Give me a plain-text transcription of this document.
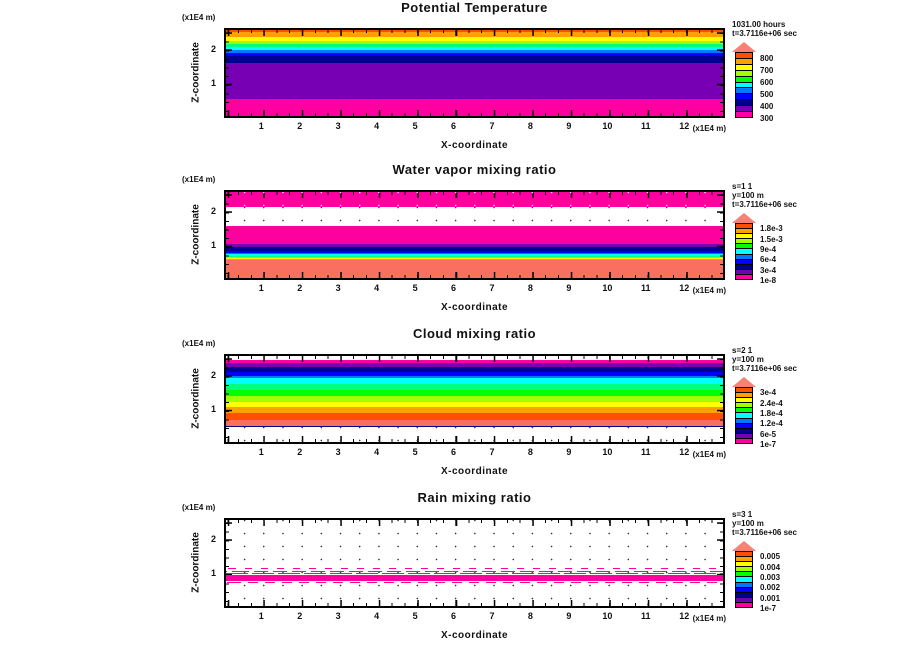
Potential Temperature
(x1E4 m)
Z-coordinate
(x1E4 m)
X-coordinate
1031.00 hours
t=3.7116e+06 sec
800
700
600
500
400
300
2
1
1	2	3	4	5	6	7	8	9	10	11	12
Water vapor mixing ratio
(x1E4 m)
Z-coordinate
(x1E4 m)
X-coordinate
s=1 1
y=100 m
t=3.7116e+06 sec
1.8e-3
1.5e-3
9e-4
6e-4
3e-4
1e-8
2
1
1	2	3	4	5	6	7	8	9	10	11	12
Cloud mixing ratio
(x1E4 m)
Z-coordinate
(x1E4 m)
X-coordinate
s=2 1
y=100 m
t=3.7116e+06 sec
3e-4
2.4e-4
1.8e-4
1.2e-4
6e-5
1e-7
2
1
1	2	3	4	5	6	7	8	9	10	11	12
Rain mixing ratio
(x1E4 m)
Z-coordinate
(x1E4 m)
X-coordinate
s=3 1
y=100 m
t=3.7116e+06 sec
0.005
0.004
0.003
0.002
0.001
1e-7
2
1
1	2	3	4	5	6	7	8	9	10	11	12
